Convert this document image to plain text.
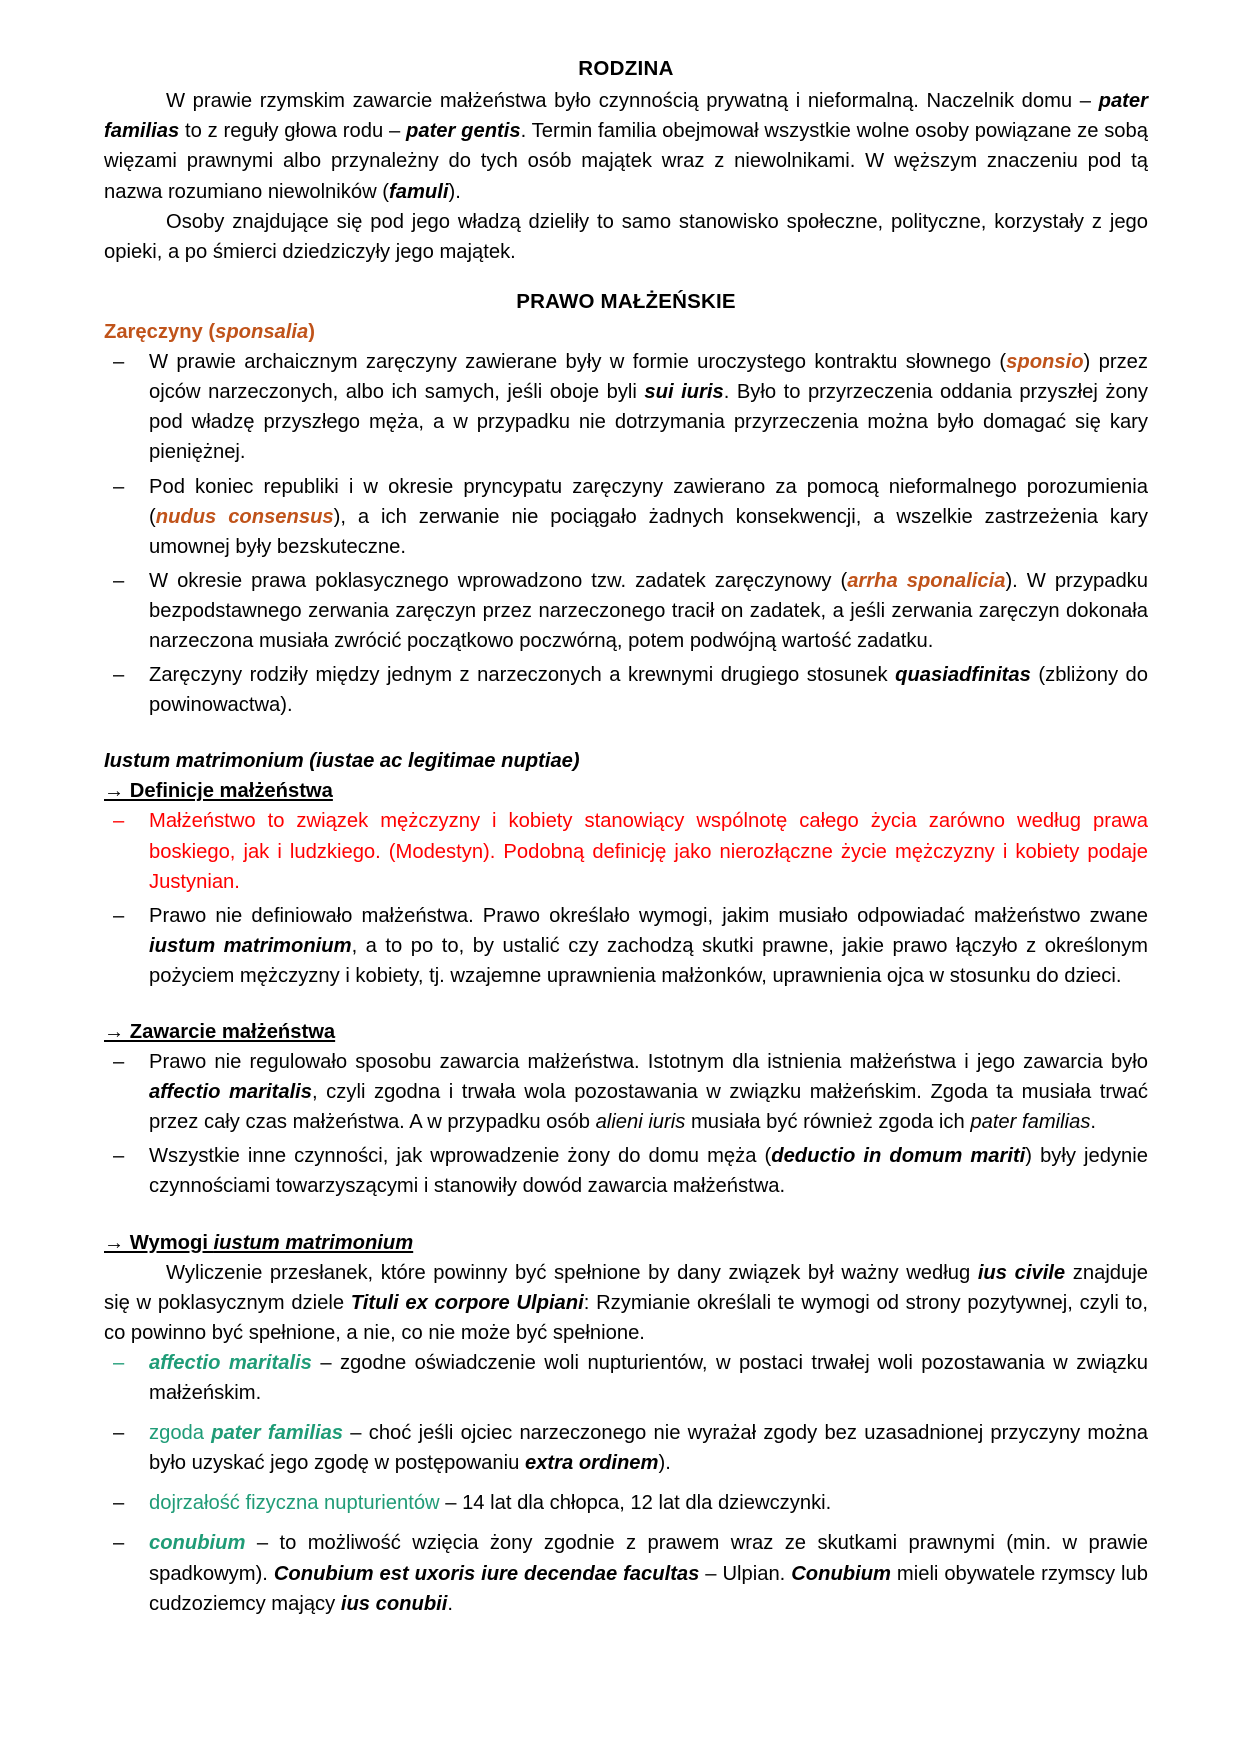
RODZINA

W prawie rzymskim zawarcie małżeństwa było czynnością prywatną i nieformalną. Naczelnik domu – pater familias to z reguły głowa rodu – pater gentis. Termin familia obejmował wszystkie wolne osoby powiązane ze sobą więzami prawnymi albo przynależny do tych osób majątek wraz z niewolnikami. W węższym znaczeniu pod tą nazwa rozumiano niewolników (famuli).

Osoby znajdujące się pod jego władzą dzieliły to samo stanowisko społeczne, polityczne, korzystały z jego opieki, a po śmierci dziedziczyły jego majątek.

PRAWO MAŁŻEŃSKIE
Zaręczyny (sponsalia)
– W prawie archaicznym zaręczyny zawierane były w formie uroczystego kontraktu słownego (sponsio) przez ojców narzeczonych, albo ich samych, jeśli oboje byli sui iuris. Było to przyrzeczenia oddania przyszłej żony pod władzę przyszłego męża, a w przypadku nie dotrzymania przyrzeczenia można było domagać się kary pieniężnej.
– Pod koniec republiki i w okresie pryncypatu zaręczyny zawierano za pomocą nieformalnego porozumienia (nudus consensus), a ich zerwanie nie pociągało żadnych konsekwencji, a wszelkie zastrzeżenia kary umownej były bezskuteczne.
– W okresie prawa poklasycznego wprowadzono tzw. zadatek zaręczynowy (arrha sponalicia). W przypadku bezpodstawnego zerwania zaręczyn przez narzeczonego tracił on zadatek, a jeśli zerwania zaręczyn dokonała narzeczona musiała zwrócić początkowo poczwórną, potem podwójną wartość zadatku.
– Zaręczyny rodziły między jednym z narzeczonych a krewnymi drugiego stosunek quasiadfinitas (zbliżony do powinowactwa).
Iustum matrimonium (iustae ac legitimae nuptiae)
→ Definicje małżeństwa
– Małżeństwo to związek mężczyzny i kobiety stanowiący wspólnotę całego życia zarówno według prawa boskiego, jak i ludzkiego. (Modestyn). Podobną definicję jako nierozłączne życie mężczyzny i kobiety podaje Justynian.
– Prawo nie definiowało małżeństwa. Prawo określało wymogi, jakim musiało odpowiadać małżeństwo zwane iustum matrimonium, a to po to, by ustalić czy zachodzą skutki prawne, jakie prawo łączyło z określonym pożyciem mężczyzny i kobiety, tj. wzajemne uprawnienia małżonków, uprawnienia ojca w stosunku do dzieci.
→ Zawarcie małżeństwa
– Prawo nie regulowało sposobu zawarcia małżeństwa. Istotnym dla istnienia małżeństwa i jego zawarcia było affectio maritalis, czyli zgodna i trwała wola pozostawania w związku małżeńskim. Zgoda ta musiała trwać przez cały czas małżeństwa. A w przypadku osób alieni iuris musiała być również zgoda ich pater familias.
– Wszystkie inne czynności, jak wprowadzenie żony do domu męża (deductio in domum mariti) były jedynie czynnościami towarzyszącymi i stanowiły dowód zawarcia małżeństwa.
→ Wymogi iustum matrimonium

Wyliczenie przesłanek, które powinny być spełnione by dany związek był ważny według ius civile znajduje się w poklasycznym dziele Tituli ex corpore Ulpiani: Rzymianie określali te wymogi od strony pozytywnej, czyli to, co powinno być spełnione, a nie, co nie może być spełnione.

– affectio maritalis – zgodne oświadczenie woli nupturientów, w postaci trwałej woli pozostawania w związku małżeńskim.
– zgoda pater familias – choć jeśli ojciec narzeczonego nie wyrażał zgody bez uzasadnionej przyczyny można było uzyskać jego zgodę w postępowaniu extra ordinem).
– dojrzałość fizyczna nupturientów – 14 lat dla chłopca, 12 lat dla dziewczynki.
– conubium – to możliwość wzięcia żony zgodnie z prawem wraz ze skutkami prawnymi (min. w prawie spadkowym). Conubium est uxoris iure decendae facultas – Ulpian. Conubium mieli obywatele rzymscy lub cudzoziemcy mający ius conubii.
